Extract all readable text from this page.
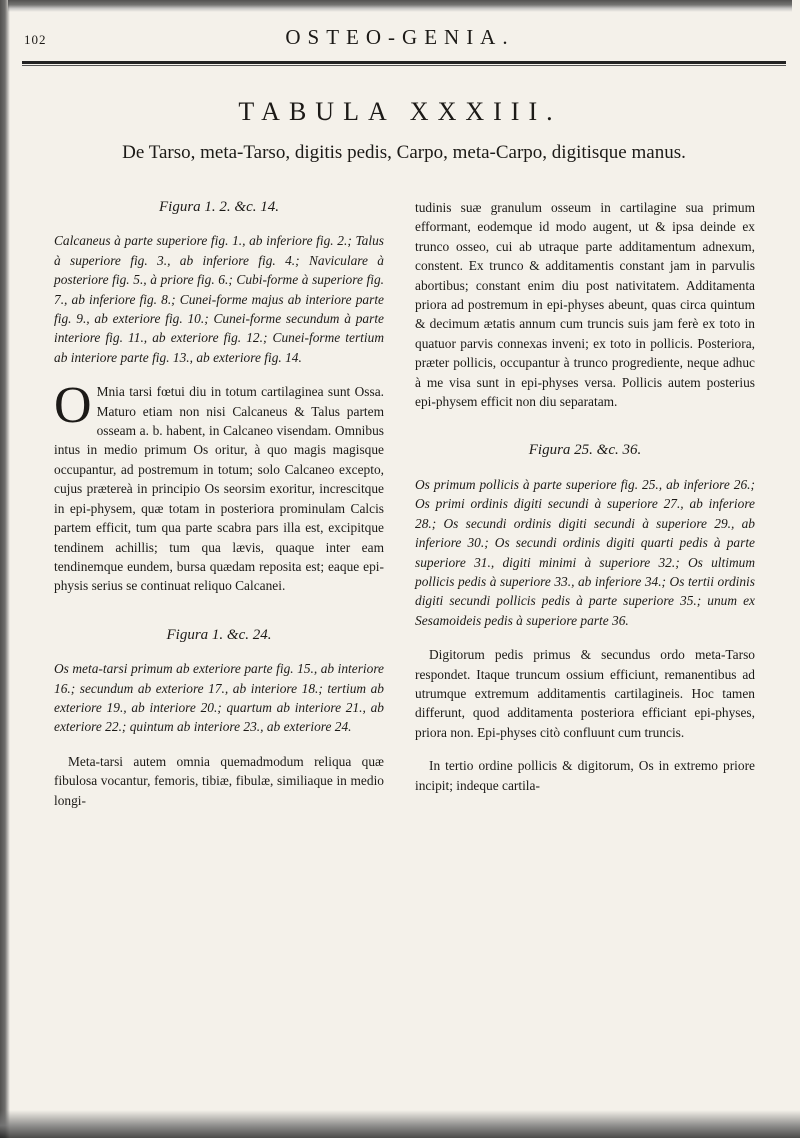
102	OSTEO-GENIA.
TABULA XXXIII.
De Tarso, meta-Tarso, digitis pedis, Carpo, meta-Carpo, digitisque manus.
Figura 1. 2. &c. 14.

Calcaneus à parte superiore fig. 1., ab inferiore fig. 2.; Talus à superiore fig. 3., ab inferiore fig. 4.; Naviculare à posteriore fig. 5., à priore fig. 6.; Cubi-forme à superiore fig. 7., ab inferiore fig. 8.; Cunei-forme majus ab interiore parte fig. 9., ab exteriore fig. 10.; Cunei-forme secundum à parte interiore fig. 11., ab exteriore fig. 12.; Cunei-forme tertium ab interiore parte fig. 13., ab exteriore fig. 14.

O Mnia tarsi fœtui diu in totum cartilaginea sunt Ossa. Maturo etiam non nisi Calcaneus & Talus partem osseam a. b. habent, in Calcaneo visendam. Omnibus intus in medio primum Os oritur, à quo magis magisque occupantur, ad postremum in totum; solo Calcaneo excepto, cujus prætereà in principio Os seorsim exoritur, increscitque in epi-physem, quæ totam in posteriora prominulam Calcis partem efficit, tum qua parte scabra pars illa est, excipitque tendinem achillis; tum qua lævis, quaque inter eam tendinemque eundem, bursa quædam reposita est; eaque epi-physis serius se continuat reliquo Calcanei.

Figura 1. &c. 24.

Os meta-tarsi primum ab exteriore parte fig. 15., ab interiore 16.; secundum ab exteriore 17., ab interiore 18.; tertium ab exteriore 19., ab interiore 20.; quartum ab interiore 21., ab exteriore 22.; quintum ab interiore 23., ab exteriore 24.

Meta-tarsi autem omnia quemadmodum reliqua quæ fibulosa vocantur, femoris, tibiæ, fibulæ, similiaque in medio longi-

tudinis suæ granulum osseum in cartilagine sua primum efformant, eodemque id modo augent, ut & ipsa deinde ex trunco osseo, cui ab utraque parte additamentum adnexum, constent. Ex trunco & additamentis constant jam in parvulis abortibus; constant enim diu post nativitatem. Additamenta priora ad postremum in epi-physes abeunt, quas circa quintum & decimum ætatis annum cum truncis suis jam ferè ex toto in quatuor parvis connexas inveni; ex toto in pollicis. Posteriora, præter pollicis, occupantur à trunco progrediente, neque adhuc à me visa sunt in epi-physes versa. Pollicis autem posterius epi-physem efficit non diu separatam.

Figura 25. &c. 36.

Os primum pollicis à parte superiore fig. 25., ab inferiore 26.; Os primi ordinis digiti secundi à superiore 27., ab inferiore 28.; Os secundi ordinis digiti secundi à superiore 29., ab inferiore 30.; Os secundi ordinis digiti quarti pedis à parte superiore 31., digiti minimi à superiore 32.; Os ultimum pollicis pedis à superiore 33., ab inferiore 34.; Os tertii ordinis digiti secundi pollicis pedis à parte superiore 35.; unum ex Sesamoideis pedis à superiore parte 36.

Digitorum pedis primus & secundus ordo meta-Tarso respondet. Itaque truncum ossium efficiunt, remanentibus ad utrumque extremum additamentis cartilagineis. Hoc tamen differunt, quod additamenta posteriora efficiant epi-physes, priora non. Epi-physes citò confluunt cum truncis.

In tertio ordine pollicis & digitorum, Os in extremo priore incipit; indeque cartila-
